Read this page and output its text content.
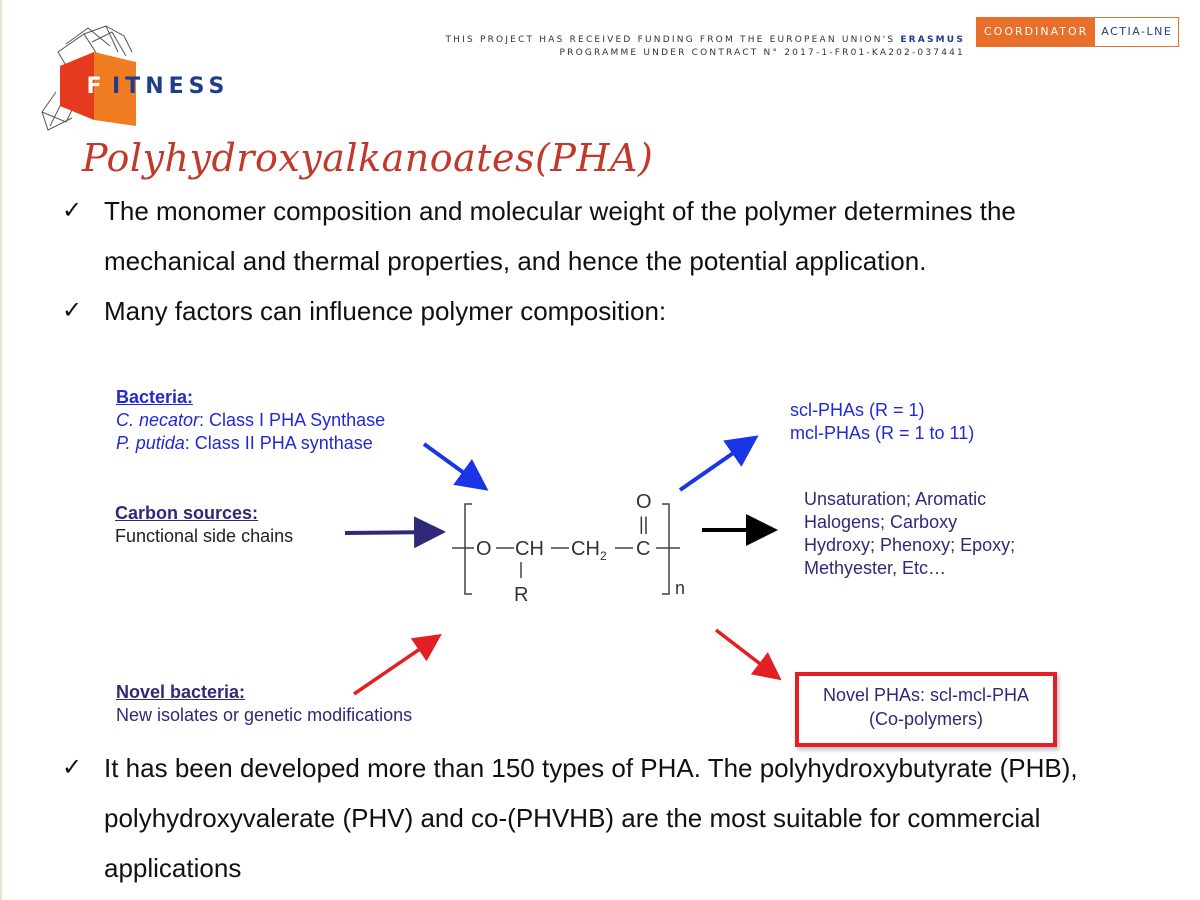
F ITNESS
THIS PROJECT HAS RECEIVED FUNDING FROM THE EUROPEAN UNION'S ERASMUS
PROGRAMME UNDER CONTRACT N° 2017-1-FR01-KA202-037441
COORDINATOR	ACTIA-LNE
Polyhydroxyalkanoates(PHA)
✓ The monomer composition and molecular weight of the polymer determines the mechanical and thermal properties, and hence the potential application.
✓ Many factors can influence polymer composition:
✓ It has been developed more than 150 types of PHA. The polyhydroxybutyrate (PHB), polyhydroxyvalerate (PHV) and co-(PHVHB) are the most suitable for commercial applications
Bacteria:
C. necator: Class I PHA Synthase
P. putida: Class II PHA synthase
Carbon sources:
Functional side chains
Novel bacteria:
New isolates or genetic modifications
scl-PHAs (R = 1)
mcl-PHAs (R = 1 to 11)
Unsaturation; Aromatic
Halogens; Carboxy
Hydroxy; Phenoxy; Epoxy;
Methyester, Etc…
Novel PHAs: scl-mcl-PHA
(Co-polymers)
O
||
O CH CH 2 C
R	n
